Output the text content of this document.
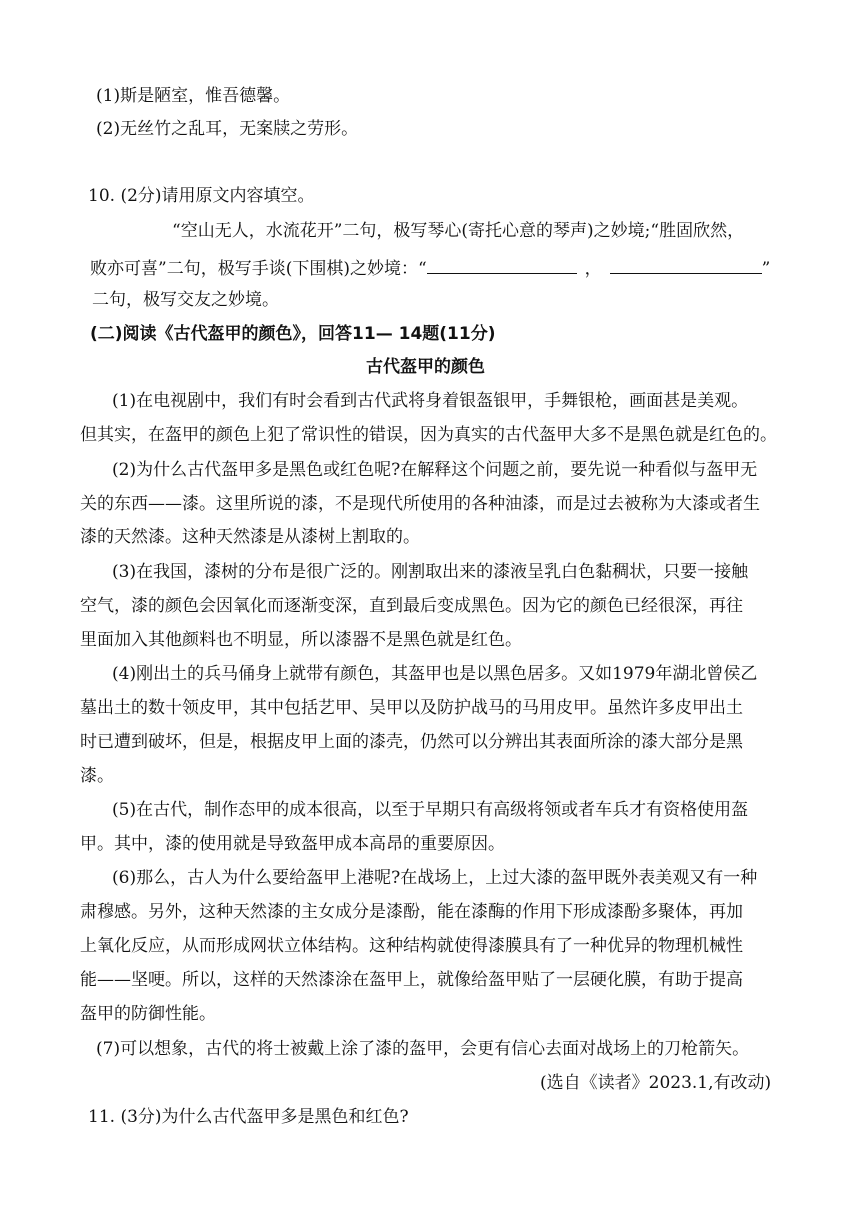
(1)斯是陋室，惟吾德馨。
(2)无丝竹之乱耳，无案牍之劳形。
10. (2分)请用原文内容填空。
“空山无人，水流花开”二句，极写琴心(寄托心意的琴声)之妙境;“胜固欣然，
败亦可喜”二句，极写手谈(下围棋)之妙境：“	，	”
二句，极写交友之妙境。
(二)阅读《古代盔甲的颜色》，回答11— 14题(11分)
古代盔甲的颜色
(1)在电视剧中，我们有时会看到古代武将身着银盔银甲，手舞银枪，画面甚是美观。
但其实，在盔甲的颜色上犯了常识性的错误，因为真实的古代盔甲大多不是黑色就是红色的。
(2)为什么古代盔甲多是黑色或红色呢?在解释这个问题之前，要先说一种看似与盔甲无
关的东西——漆。这里所说的漆，不是现代所使用的各种油漆，而是过去被称为大漆或者生
漆的天然漆。这种天然漆是从漆树上割取的。
(3)在我国，漆树的分布是很广泛的。刚割取出来的漆液呈乳白色黏稠状，只要一接触
空气，漆的颜色会因氧化而逐渐变深，直到最后变成黑色。因为它的颜色已经很深，再往
里面加入其他颜料也不明显，所以漆器不是黑色就是红色。
(4)刚出土的兵马俑身上就带有颜色，其盔甲也是以黑色居多。又如1979年湖北曾侯乙
墓出土的数十领皮甲，其中包括艺甲、吴甲以及防护战马的马用皮甲。虽然许多皮甲出土
时已遭到破坏，但是，根据皮甲上面的漆壳，仍然可以分辨出其表面所涂的漆大部分是黑
漆。
(5)在古代，制作态甲的成本很高，以至于早期只有高级将领或者车兵才有资格使用盔
甲。其中，漆的使用就是导致盔甲成本高昂的重要原因。
(6)那么，古人为什么要给盔甲上港呢?在战场上，上过大漆的盔甲既外表美观又有一种
肃穆感。另外，这种天然漆的主女成分是漆酚，能在漆酶的作用下形成漆酚多聚体，再加
上氧化反应，从而形成网状立体结构。这种结构就使得漆膜具有了一种优异的物理机械性
能——坚哽。所以，这样的天然漆涂在盔甲上，就像给盔甲贴了一层硬化膜，有助于提高
盔甲的防御性能。
(7)可以想象，古代的将士被戴上涂了漆的盔甲，会更有信心去面对战场上的刀枪箭矢。
(选自《读者》2023.1,有改动)
11. (3分)为什么古代盔甲多是黑色和红色?
